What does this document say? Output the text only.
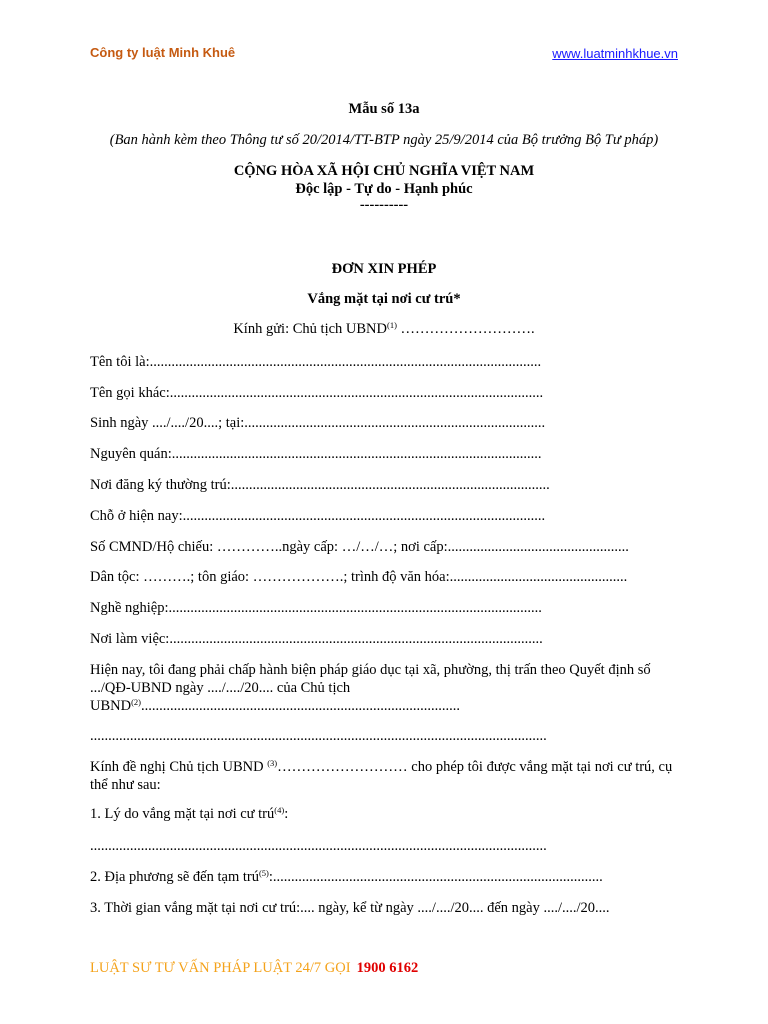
Công ty luật Minh Khuê	www.luatminhkhue.vn
Mẫu số 13a
(Ban hành kèm theo Thông tư số 20/2014/TT-BTP ngày 25/9/2014 của Bộ trưởng Bộ Tư pháp)
CỘNG HÒA XÃ HỘI CHỦ NGHĨA VIỆT NAM
Độc lập - Tự do - Hạnh phúc
----------
ĐƠN XIN PHÉP
Vắng mặt tại nơi cư trú*
Kính gửi: Chủ tịch UBND$^{(1)}$ ……………………….
Tên tôi là:............................................................................................................
Tên gọi khác:.......................................................................................................
Sinh ngày ..../..../20....; tại:...................................................................................
Nguyên quán:......................................................................................................
Nơi đăng ký thường trú:........................................................................................
Chỗ ở hiện nay:....................................................................................................
Số CMND/Hộ chiếu: …………..ngày cấp: …/…/…; nơi cấp:..................................................
Dân tộc: ……….; tôn giáo: ……………….; trình độ văn hóa:.................................................
Nghề nghiệp:.......................................................................................................
Nơi làm việc:.......................................................................................................
Hiện nay, tôi đang phải chấp hành biện pháp giáo dục tại xã, phường, thị trấn theo Quyết định số .../QĐ-UBND ngày ..../..../20.... của Chủ tịch UBND$^{(2)}$........................................................................................
..............................................................................................................................
Kính đề nghị Chủ tịch UBND $^{(3)}$……………………… cho phép tôi được vắng mặt tại nơi cư trú, cụ thể như sau:
1. Lý do vắng mặt tại nơi cư trú$^{(4)}$:
..............................................................................................................................
2. Địa phương sẽ đến tạm trú$^{(5)}$:...........................................................................................
3. Thời gian vắng mặt tại nơi cư trú:.... ngày, kể từ ngày ..../..../20.... đến ngày ..../..../20....
LUẬT SƯ TƯ VẤN PHÁP LUẬT 24/7 GỌI 1900 6162
